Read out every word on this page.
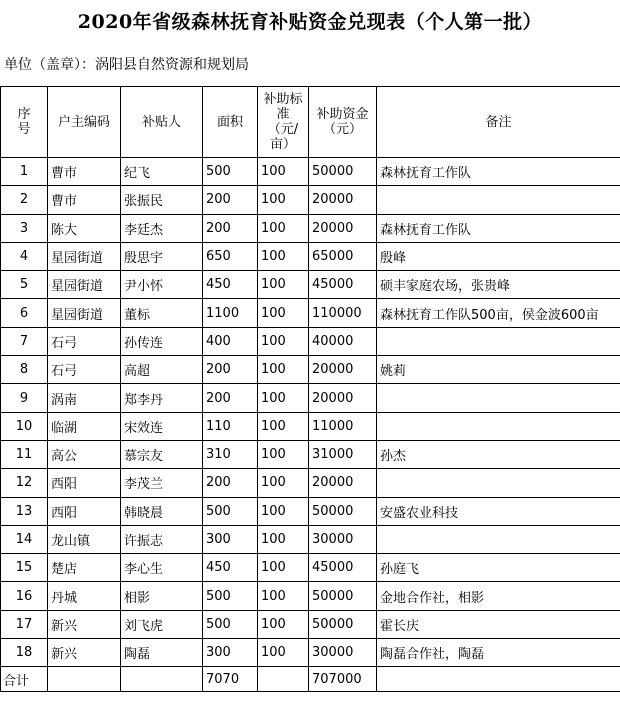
2020年省级森林抚育补贴资金兑现表（个人第一批）
单位（盖章）：涡阳县自然资源和规划局
序号	户主编码	补贴人	面积	补助标准（元/亩）	补助资金（元）	备注
1	曹市	纪飞	500	100	50000	森林抚育工作队
2	曹市	张振民	200	100	20000	
3	陈大	李廷杰	200	100	20000	森林抚育工作队
4	星园街道	殷思宇	650	100	65000	殷峰
5	星园街道	尹小怀	450	100	45000	硕丰家庭农场，张贵峰
6	星园街道	董标	1100	100	110000	森林抚育工作队500亩，侯金波600亩
7	石弓	孙传连	400	100	40000	
8	石弓	高超	200	100	20000	姚莉
9	涡南	郑李丹	200	100	20000	
10	临湖	宋效连	110	100	11000	
11	高公	慕宗友	310	100	31000	孙杰
12	西阳	李茂兰	200	100	20000	
13	西阳	韩晓晨	500	100	50000	安盛农业科技
14	龙山镇	许振志	300	100	30000	
15	楚店	李心生	450	100	45000	孙庭飞
16	丹城	相影	500	100	50000	金地合作社，相影
17	新兴	刘飞虎	500	100	50000	霍长庆
18	新兴	陶磊	300	100	30000	陶磊合作社，陶磊
合计			7070		707000	
